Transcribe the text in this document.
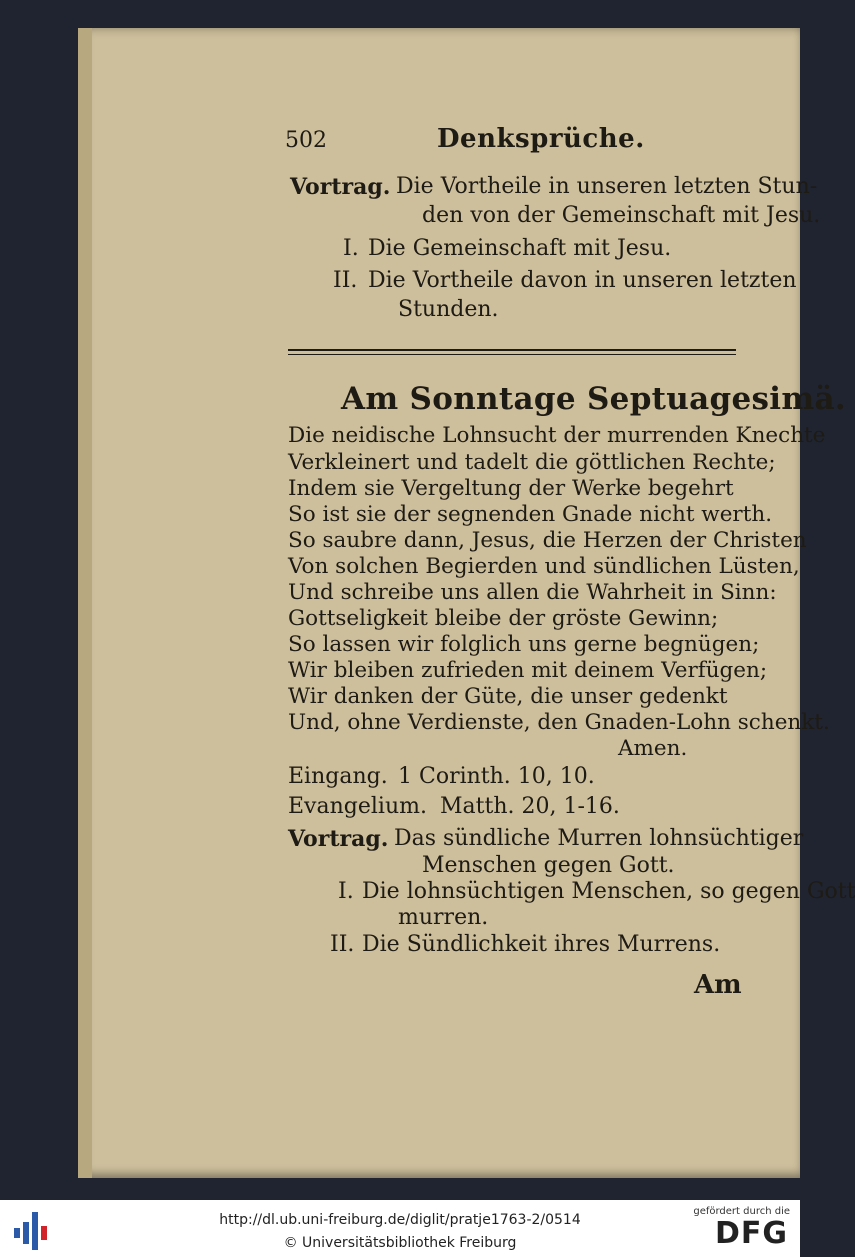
502	Denksprüche.
Vortrag. Die Vortheile in unseren letzten Stun-
den von der Gemeinschaft mit Jesu.
I. Die Gemeinschaft mit Jesu.
II. Die Vortheile davon in unseren letzten
Stunden.
Am Sonntage Septuagesimä.
Die neidische Lohnsucht der murrenden Knechte
Verkleinert und tadelt die göttlichen Rechte;
Indem sie Vergeltung der Werke begehrt
So ist sie der segnenden Gnade nicht werth.
So saubre dann, Jesus, die Herzen der Christen
Von solchen Begierden und sündlichen Lüsten,
Und schreibe uns allen die Wahrheit in Sinn:
Gottseligkeit bleibe der gröste Gewinn;
So lassen wir folglich uns gerne begnügen;
Wir bleiben zufrieden mit deinem Verfügen;
Wir danken der Güte, die unser gedenkt
Und, ohne Verdienste, den Gnaden-Lohn schenkt.
Amen.
Eingang. 1 Corinth. 10, 10.
Evangelium. Matth. 20, 1-16.
Vortrag. Das sündliche Murren lohnsüchtiger
Menschen gegen Gott.
I. Die lohnsüchtigen Menschen, so gegen Gott
murren.
II. Die Sündlichkeit ihres Murrens.
Am
http://dl.ub.uni-freiburg.de/diglit/pratje1763-2/0514
© Universitätsbibliothek Freiburg
gefördert durch die
DFG
